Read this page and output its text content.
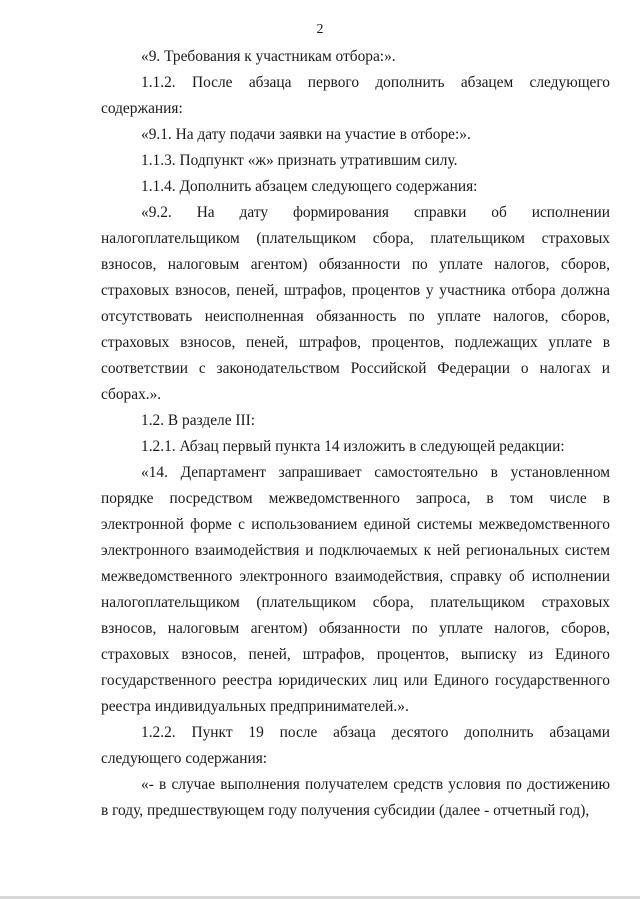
2

«9. Требования к участникам отбора:».

1.1.2. После абзаца первого дополнить абзацем следующего содержания:

«9.1. На дату подачи заявки на участие в отборе:».

1.1.3. Подпункт «ж» признать утратившим силу.

1.1.4. Дополнить абзацем следующего содержания:

«9.2. На дату формирования справки об исполнении налогоплательщиком (плательщиком сбора, плательщиком страховых взносов, налоговым агентом) обязанности по уплате налогов, сборов, страховых взносов, пеней, штрафов, процентов у участника отбора должна отсутствовать неисполненная обязанность по уплате налогов, сборов, страховых взносов, пеней, штрафов, процентов, подлежащих уплате в соответствии с законодательством Российской Федерации о налогах и сборах.».

1.2. В разделе III:

1.2.1. Абзац первый пункта 14 изложить в следующей редакции:

«14. Департамент запрашивает самостоятельно в установленном порядке посредством межведомственного запроса, в том числе в электронной форме с использованием единой системы межведомственного электронного взаимодействия и подключаемых к ней региональных систем межведомственного электронного взаимодействия, справку об исполнении налогоплательщиком (плательщиком сбора, плательщиком страховых взносов, налоговым агентом) обязанности по уплате налогов, сборов, страховых взносов, пеней, штрафов, процентов, выписку из Единого государственного реестра юридических лиц или Единого государственного реестра индивидуальных предпринимателей.».

1.2.2. Пункт 19 после абзаца десятого дополнить абзацами следующего содержания:

«- в случае выполнения получателем средств условия по достижению в году, предшествующем году получения субсидии (далее - отчетный год),
